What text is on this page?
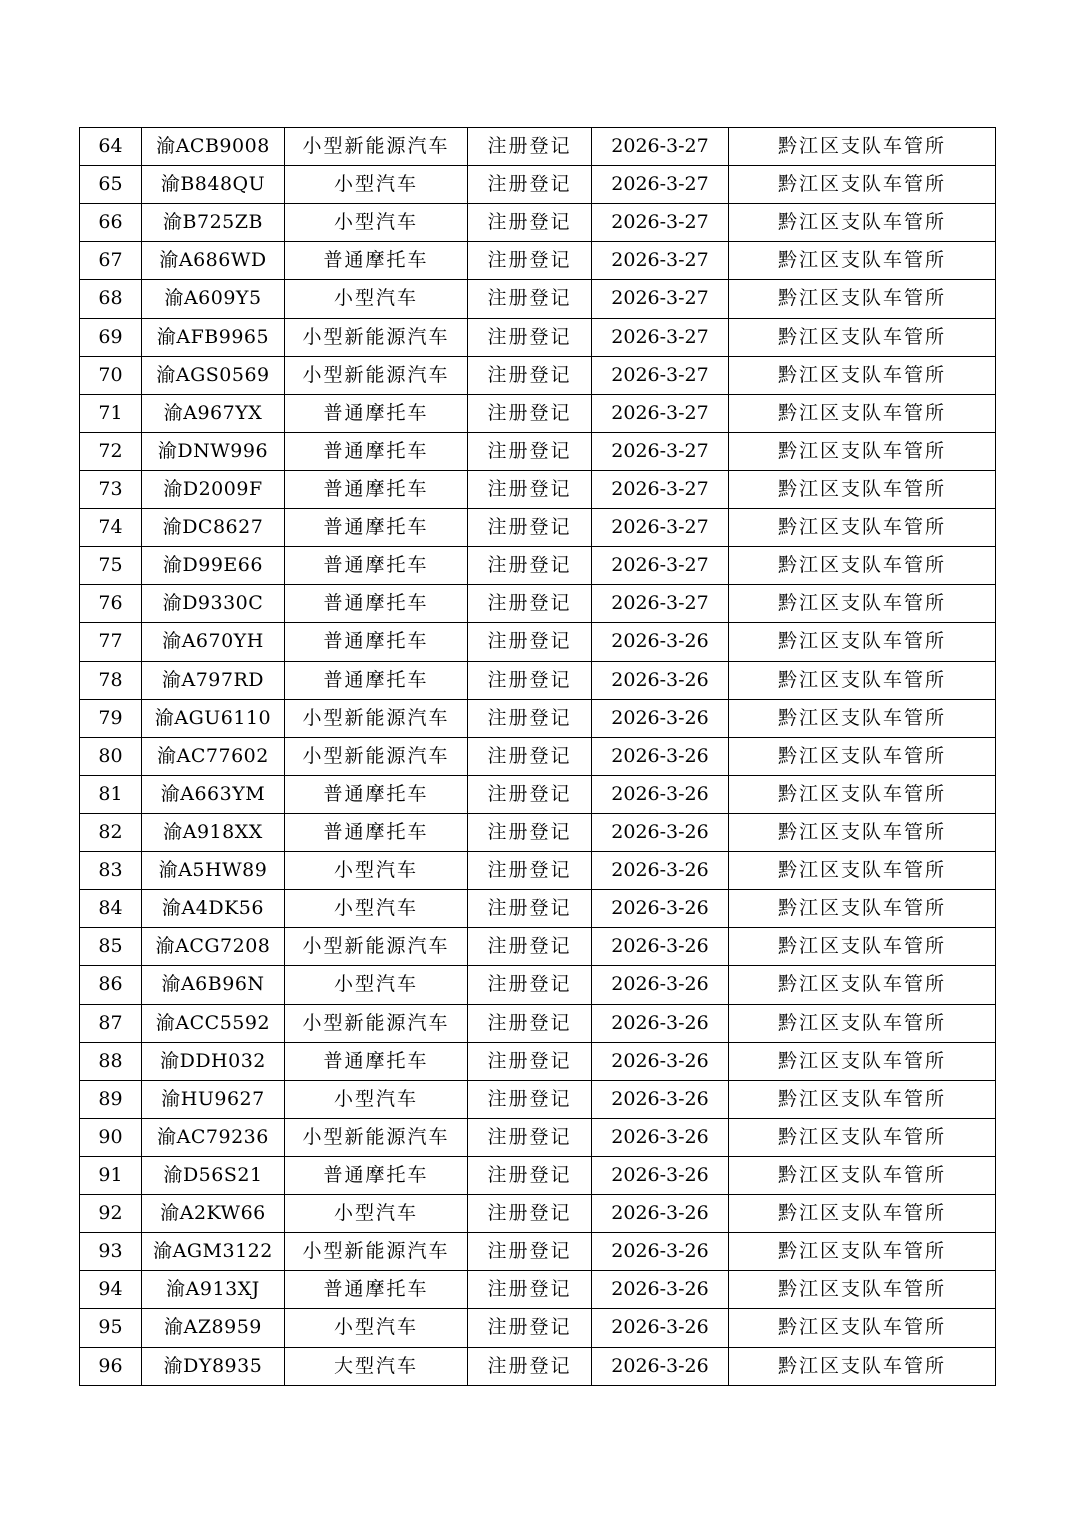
64	渝ACB9008	小型新能源汽车	注册登记	2026-3-27	黔江区支队车管所
65	渝B848QU	小型汽车	注册登记	2026-3-27	黔江区支队车管所
66	渝B725ZB	小型汽车	注册登记	2026-3-27	黔江区支队车管所
67	渝A686WD	普通摩托车	注册登记	2026-3-27	黔江区支队车管所
68	渝A609Y5	小型汽车	注册登记	2026-3-27	黔江区支队车管所
69	渝AFB9965	小型新能源汽车	注册登记	2026-3-27	黔江区支队车管所
70	渝AGS0569	小型新能源汽车	注册登记	2026-3-27	黔江区支队车管所
71	渝A967YX	普通摩托车	注册登记	2026-3-27	黔江区支队车管所
72	渝DNW996	普通摩托车	注册登记	2026-3-27	黔江区支队车管所
73	渝D2009F	普通摩托车	注册登记	2026-3-27	黔江区支队车管所
74	渝DC8627	普通摩托车	注册登记	2026-3-27	黔江区支队车管所
75	渝D99E66	普通摩托车	注册登记	2026-3-27	黔江区支队车管所
76	渝D9330C	普通摩托车	注册登记	2026-3-27	黔江区支队车管所
77	渝A670YH	普通摩托车	注册登记	2026-3-26	黔江区支队车管所
78	渝A797RD	普通摩托车	注册登记	2026-3-26	黔江区支队车管所
79	渝AGU6110	小型新能源汽车	注册登记	2026-3-26	黔江区支队车管所
80	渝AC77602	小型新能源汽车	注册登记	2026-3-26	黔江区支队车管所
81	渝A663YM	普通摩托车	注册登记	2026-3-26	黔江区支队车管所
82	渝A918XX	普通摩托车	注册登记	2026-3-26	黔江区支队车管所
83	渝A5HW89	小型汽车	注册登记	2026-3-26	黔江区支队车管所
84	渝A4DK56	小型汽车	注册登记	2026-3-26	黔江区支队车管所
85	渝ACG7208	小型新能源汽车	注册登记	2026-3-26	黔江区支队车管所
86	渝A6B96N	小型汽车	注册登记	2026-3-26	黔江区支队车管所
87	渝ACC5592	小型新能源汽车	注册登记	2026-3-26	黔江区支队车管所
88	渝DDH032	普通摩托车	注册登记	2026-3-26	黔江区支队车管所
89	渝HU9627	小型汽车	注册登记	2026-3-26	黔江区支队车管所
90	渝AC79236	小型新能源汽车	注册登记	2026-3-26	黔江区支队车管所
91	渝D56S21	普通摩托车	注册登记	2026-3-26	黔江区支队车管所
92	渝A2KW66	小型汽车	注册登记	2026-3-26	黔江区支队车管所
93	渝AGM3122	小型新能源汽车	注册登记	2026-3-26	黔江区支队车管所
94	渝A913XJ	普通摩托车	注册登记	2026-3-26	黔江区支队车管所
95	渝AZ8959	小型汽车	注册登记	2026-3-26	黔江区支队车管所
96	渝DY8935	大型汽车	注册登记	2026-3-26	黔江区支队车管所
